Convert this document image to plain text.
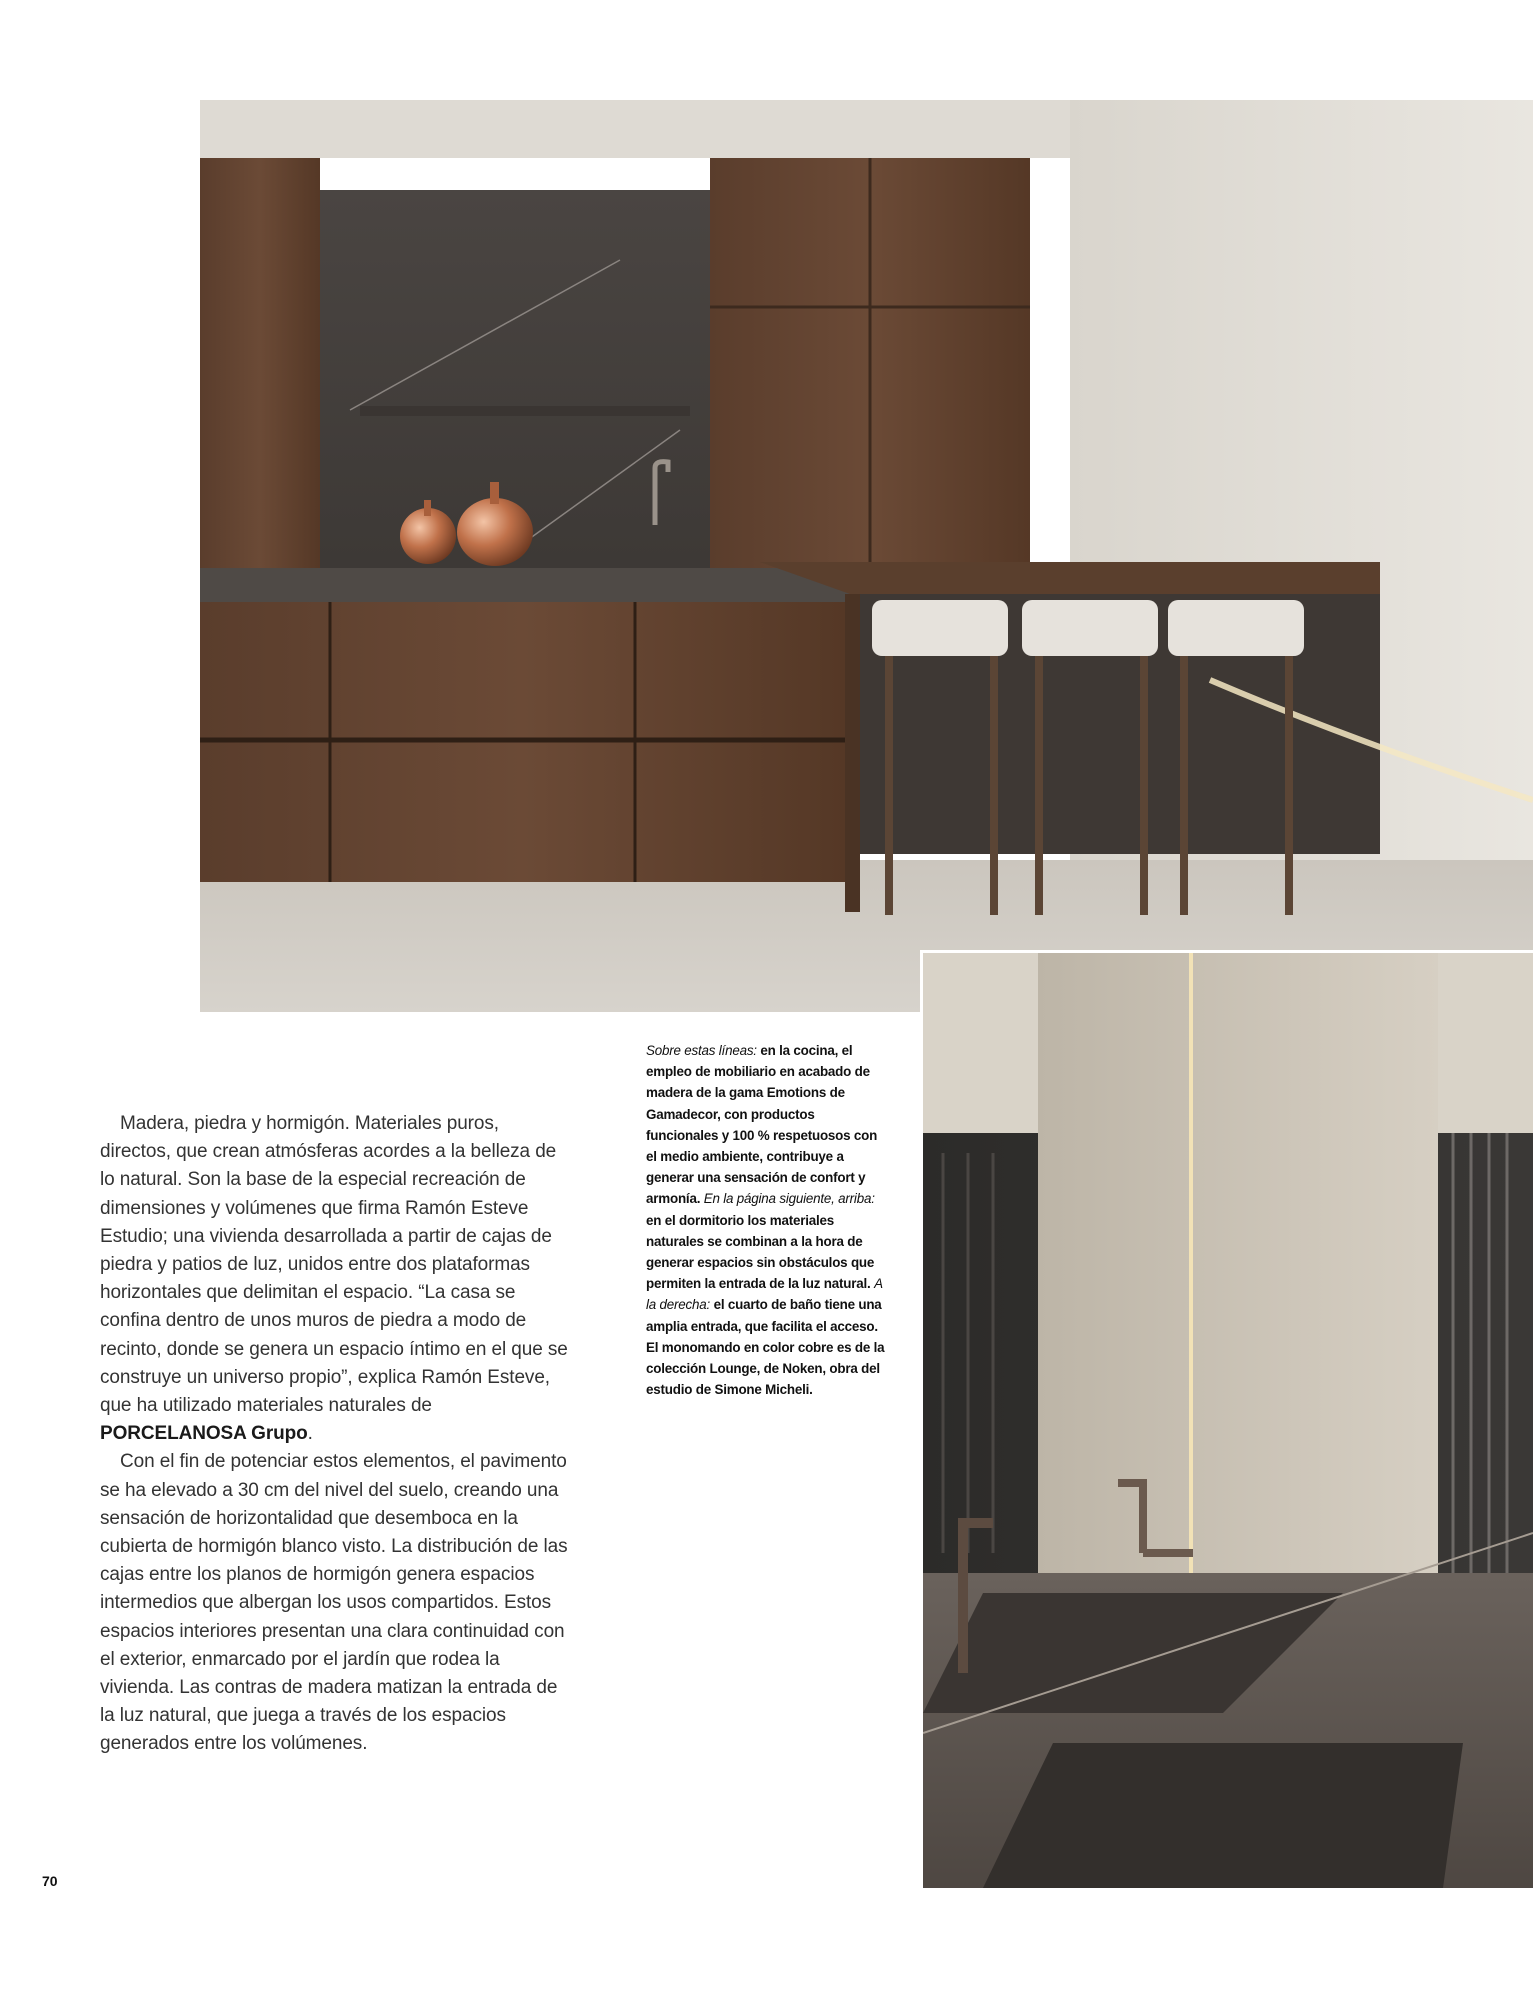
Madera, piedra y hormigón. Materiales puros, directos, que crean atmósferas acordes a la belleza de lo natural. Son la base de la especial recreación de dimensiones y volúmenes que firma Ramón Esteve Estudio; una vivienda desarrollada a partir de cajas de piedra y patios de luz, unidos entre dos plataformas horizontales que delimitan el espacio. “La casa se confina dentro de unos muros de piedra a modo de recinto, donde se genera un espacio íntimo en el que se construye un universo propio”, explica Ramón Esteve, que ha utilizado materiales naturales de PORCELANOSA Grupo.

Con el fin de potenciar estos elementos, el pavimento se ha elevado a 30 cm del nivel del suelo, creando una sensación de horizontalidad que desemboca en la cubierta de hormigón blanco visto. La distribución de las cajas entre los planos de hormigón genera espacios intermedios que albergan los usos compartidos. Estos espacios interiores presentan una clara continuidad con el exterior, enmarcado por el jardín que rodea la vivienda. Las contras de madera matizan la entrada de la luz natural, que juega a través de los espacios generados entre los volúmenes.

Sobre estas líneas: en la cocina, el empleo de mobiliario en acabado de madera de la gama Emotions de Gamadecor, con productos funcionales y 100 % respetuosos con el medio ambiente, contribuye a generar una sensación de confort y armonía. En la página siguiente, arriba: en el dormitorio los materiales naturales se combinan a la hora de generar espacios sin obstáculos que permiten la entrada de la luz natural. A la derecha: el cuarto de baño tiene una amplia entrada, que facilita el acceso. El monomando en color cobre es de la colección Lounge, de Noken, obra del estudio de Simone Micheli.
70
